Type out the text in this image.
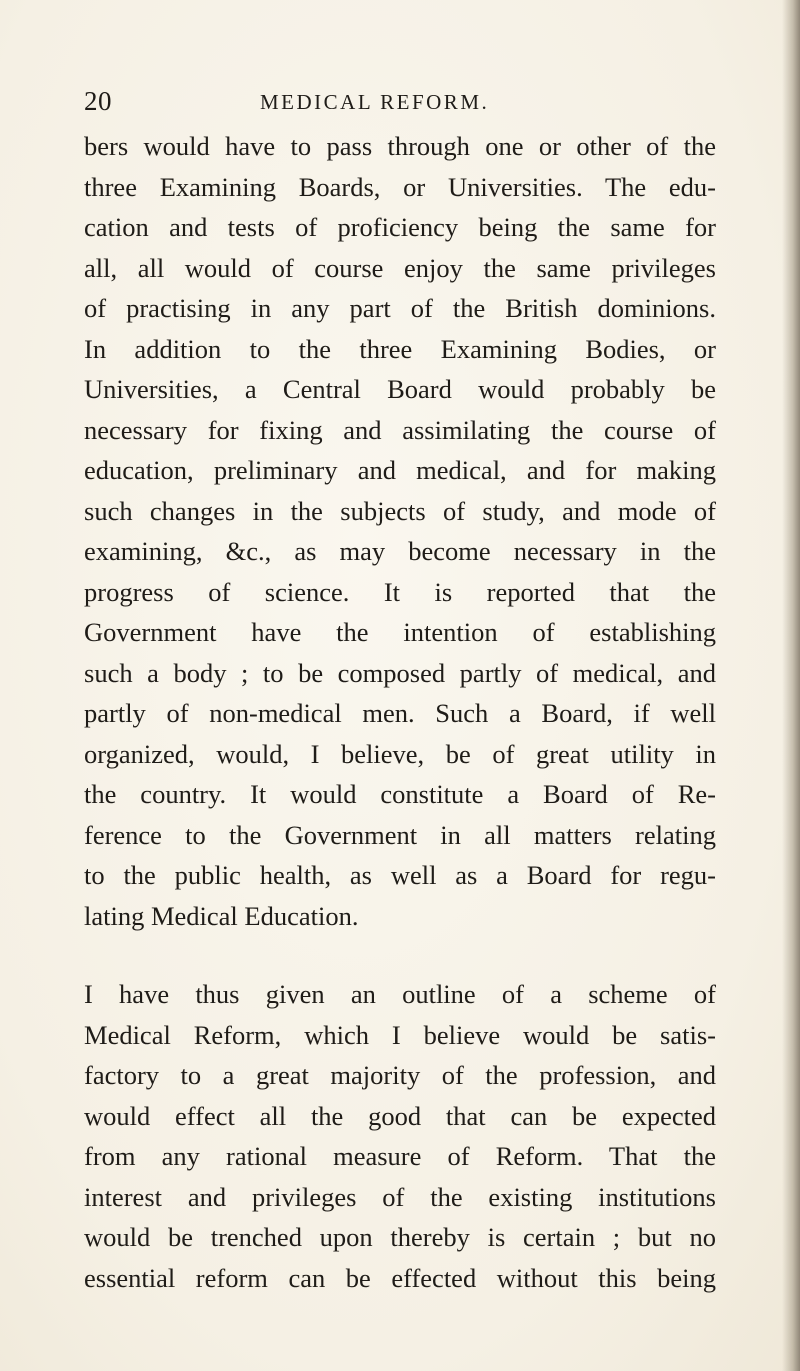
20	MEDICAL REFORM.
bers would have to pass through one or other of the
three Examining Boards, or Universities. The edu-
cation and tests of proficiency being the same for
all, all would of course enjoy the same privileges
of practising in any part of the British dominions.
In addition to the three Examining Bodies, or
Universities, a Central Board would probably be
necessary for fixing and assimilating the course of
education, preliminary and medical, and for making
such changes in the subjects of study, and mode of
examining, &c., as may become necessary in the
progress of science. It is reported that the
Government have the intention of establishing
such a body ; to be composed partly of medical, and
partly of non-medical men. Such a Board, if well
organized, would, I believe, be of great utility in
the country. It would constitute a Board of Re-
ference to the Government in all matters relating
to the public health, as well as a Board for regu-
lating Medical Education.
I have thus given an outline of a scheme of
Medical Reform, which I believe would be satis-
factory to a great majority of the profession, and
would effect all the good that can be expected
from any rational measure of Reform. That the
interest and privileges of the existing institutions
would be trenched upon thereby is certain ; but no
essential reform can be effected without this being
